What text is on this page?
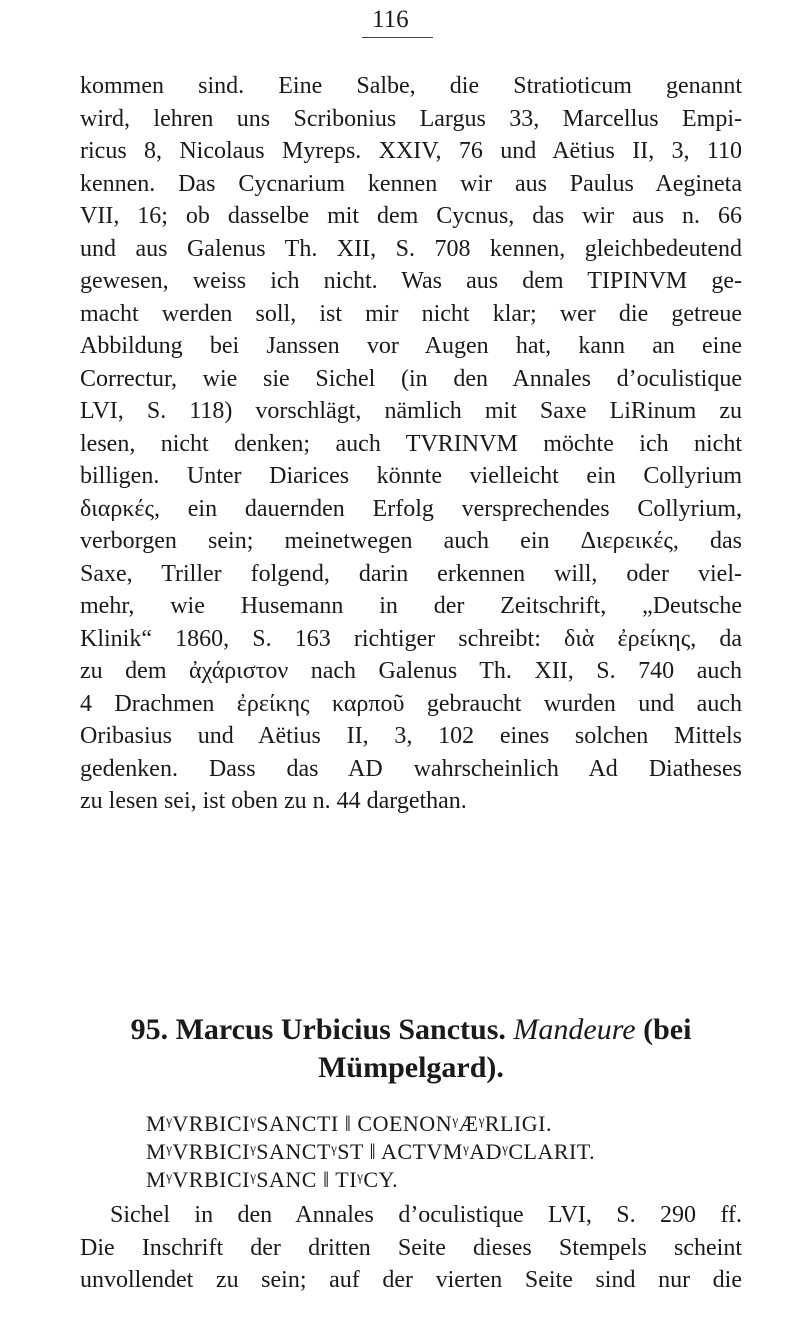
116
kommen sind. Eine Salbe, die Stratioticum genannt
wird, lehren uns Scribonius Largus 33, Marcellus Empi-
ricus 8, Nicolaus Myreps. XXIV, 76 und Aëtius II, 3, 110
kennen. Das Cycnarium kennen wir aus Paulus Aegineta
VII, 16; ob dasselbe mit dem Cycnus, das wir aus n. 66
und aus Galenus Th. XII, S. 708 kennen, gleichbedeutend
gewesen, weiss ich nicht. Was aus dem TIPINVM ge-
macht werden soll, ist mir nicht klar; wer die getreue
Abbildung bei Janssen vor Augen hat, kann an eine
Correctur, wie sie Sichel (in den Annales d’oculistique
LVI, S. 118) vorschlägt, nämlich mit Saxe LiRinum zu
lesen, nicht denken; auch TVRINVM möchte ich nicht
billigen. Unter Diarices könnte vielleicht ein Collyrium
διαρκές, ein dauernden Erfolg versprechendes Collyrium,
verborgen sein; meinetwegen auch ein Διερεικές, das
Saxe, Triller folgend, darin erkennen will, oder viel-
mehr, wie Husemann in der Zeitschrift, „Deutsche
Klinik“ 1860, S. 163 richtiger schreibt: διὰ ἐρείκης, da
zu dem ἀχάριστον nach Galenus Th. XII, S. 740 auch
4 Drachmen ἐρείκης καρποῦ gebraucht wurden und auch
Oribasius und Aëtius II, 3, 102 eines solchen Mittels
gedenken. Dass das AD wahrscheinlich Ad Diatheses
zu lesen sei, ist oben zu n. 44 dargethan.
95. Marcus Urbicius Sanctus. Mandeure (bei
Mümpelgard).
MᵞVRBICIᵞSANCTI ‖ COENONᵞÆᵞRLIGI.
MᵞVRBICIᵞSANCTᵞST ‖ ACTVMᵞADᵞCLARIT.
MᵞVRBICIᵞSANC ‖ TIᵞCY.
Sichel in den Annales d’oculistique LVI, S. 290 ff.
Die Inschrift der dritten Seite dieses Stempels scheint
unvollendet zu sein; auf der vierten Seite sind nur die
